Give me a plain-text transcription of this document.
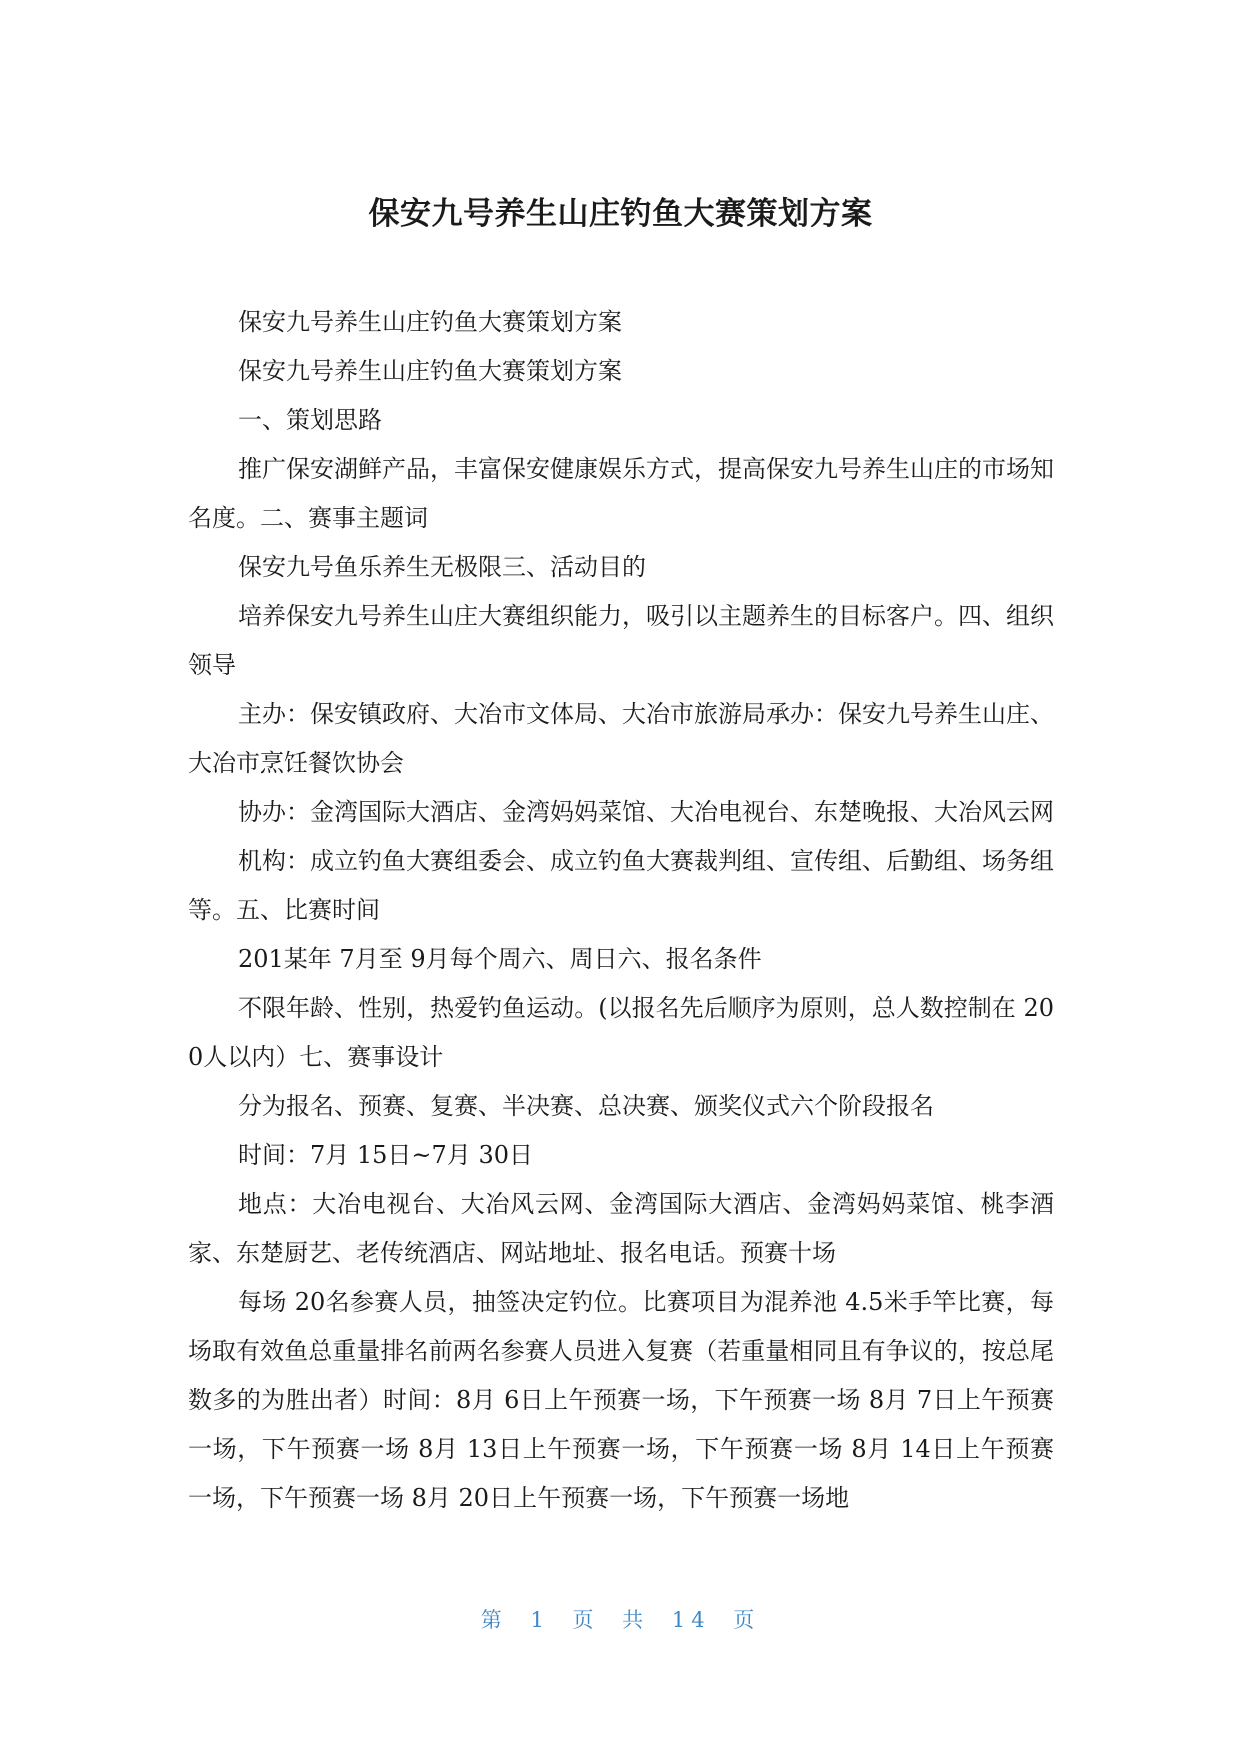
保安九号养生山庄钓鱼大赛策划方案

保安九号养生山庄钓鱼大赛策划方案

保安九号养生山庄钓鱼大赛策划方案

一、策划思路

推广保安湖鲜产品，丰富保安健康娱乐方式，提高保安九号养生山庄的市场知名度。二、赛事主题词

保安九号鱼乐养生无极限三、活动目的

培养保安九号养生山庄大赛组织能力，吸引以主题养生的目标客户。四、组织领导

主办：保安镇政府、大冶市文体局、大冶市旅游局承办：保安九号养生山庄、大冶市烹饪餐饮协会

协办：金湾国际大酒店、金湾妈妈菜馆、大冶电视台、东楚晚报、大冶风云网

机构：成立钓鱼大赛组委会、成立钓鱼大赛裁判组、宣传组、后勤组、场务组等。五、比赛时间

201某年 7月至 9月每个周六、周日六、报名条件

不限年龄、性别，热爱钓鱼运动。(以报名先后顺序为原则，总人数控制在 200人以内）七、赛事设计

分为报名、预赛、复赛、半决赛、总决赛、颁奖仪式六个阶段报名

时间：7月 15日~7月 30日

地点：大冶电视台、大冶风云网、金湾国际大酒店、金湾妈妈菜馆、桃李酒家、东楚厨艺、老传统酒店、网站地址、报名电话。预赛十场

每场 20名参赛人员，抽签决定钓位。比赛项目为混养池 4.5米手竿比赛，每场取有效鱼总重量排名前两名参赛人员进入复赛（若重量相同且有争议的，按总尾数多的为胜出者）时间：8月 6日上午预赛一场，下午预赛一场 8月 7日上午预赛一场，下午预赛一场 8月 13日上午预赛一场，下午预赛一场 8月 14日上午预赛一场，下午预赛一场 8月 20日上午预赛一场，下午预赛一场地

第 1 页 共 14 页
